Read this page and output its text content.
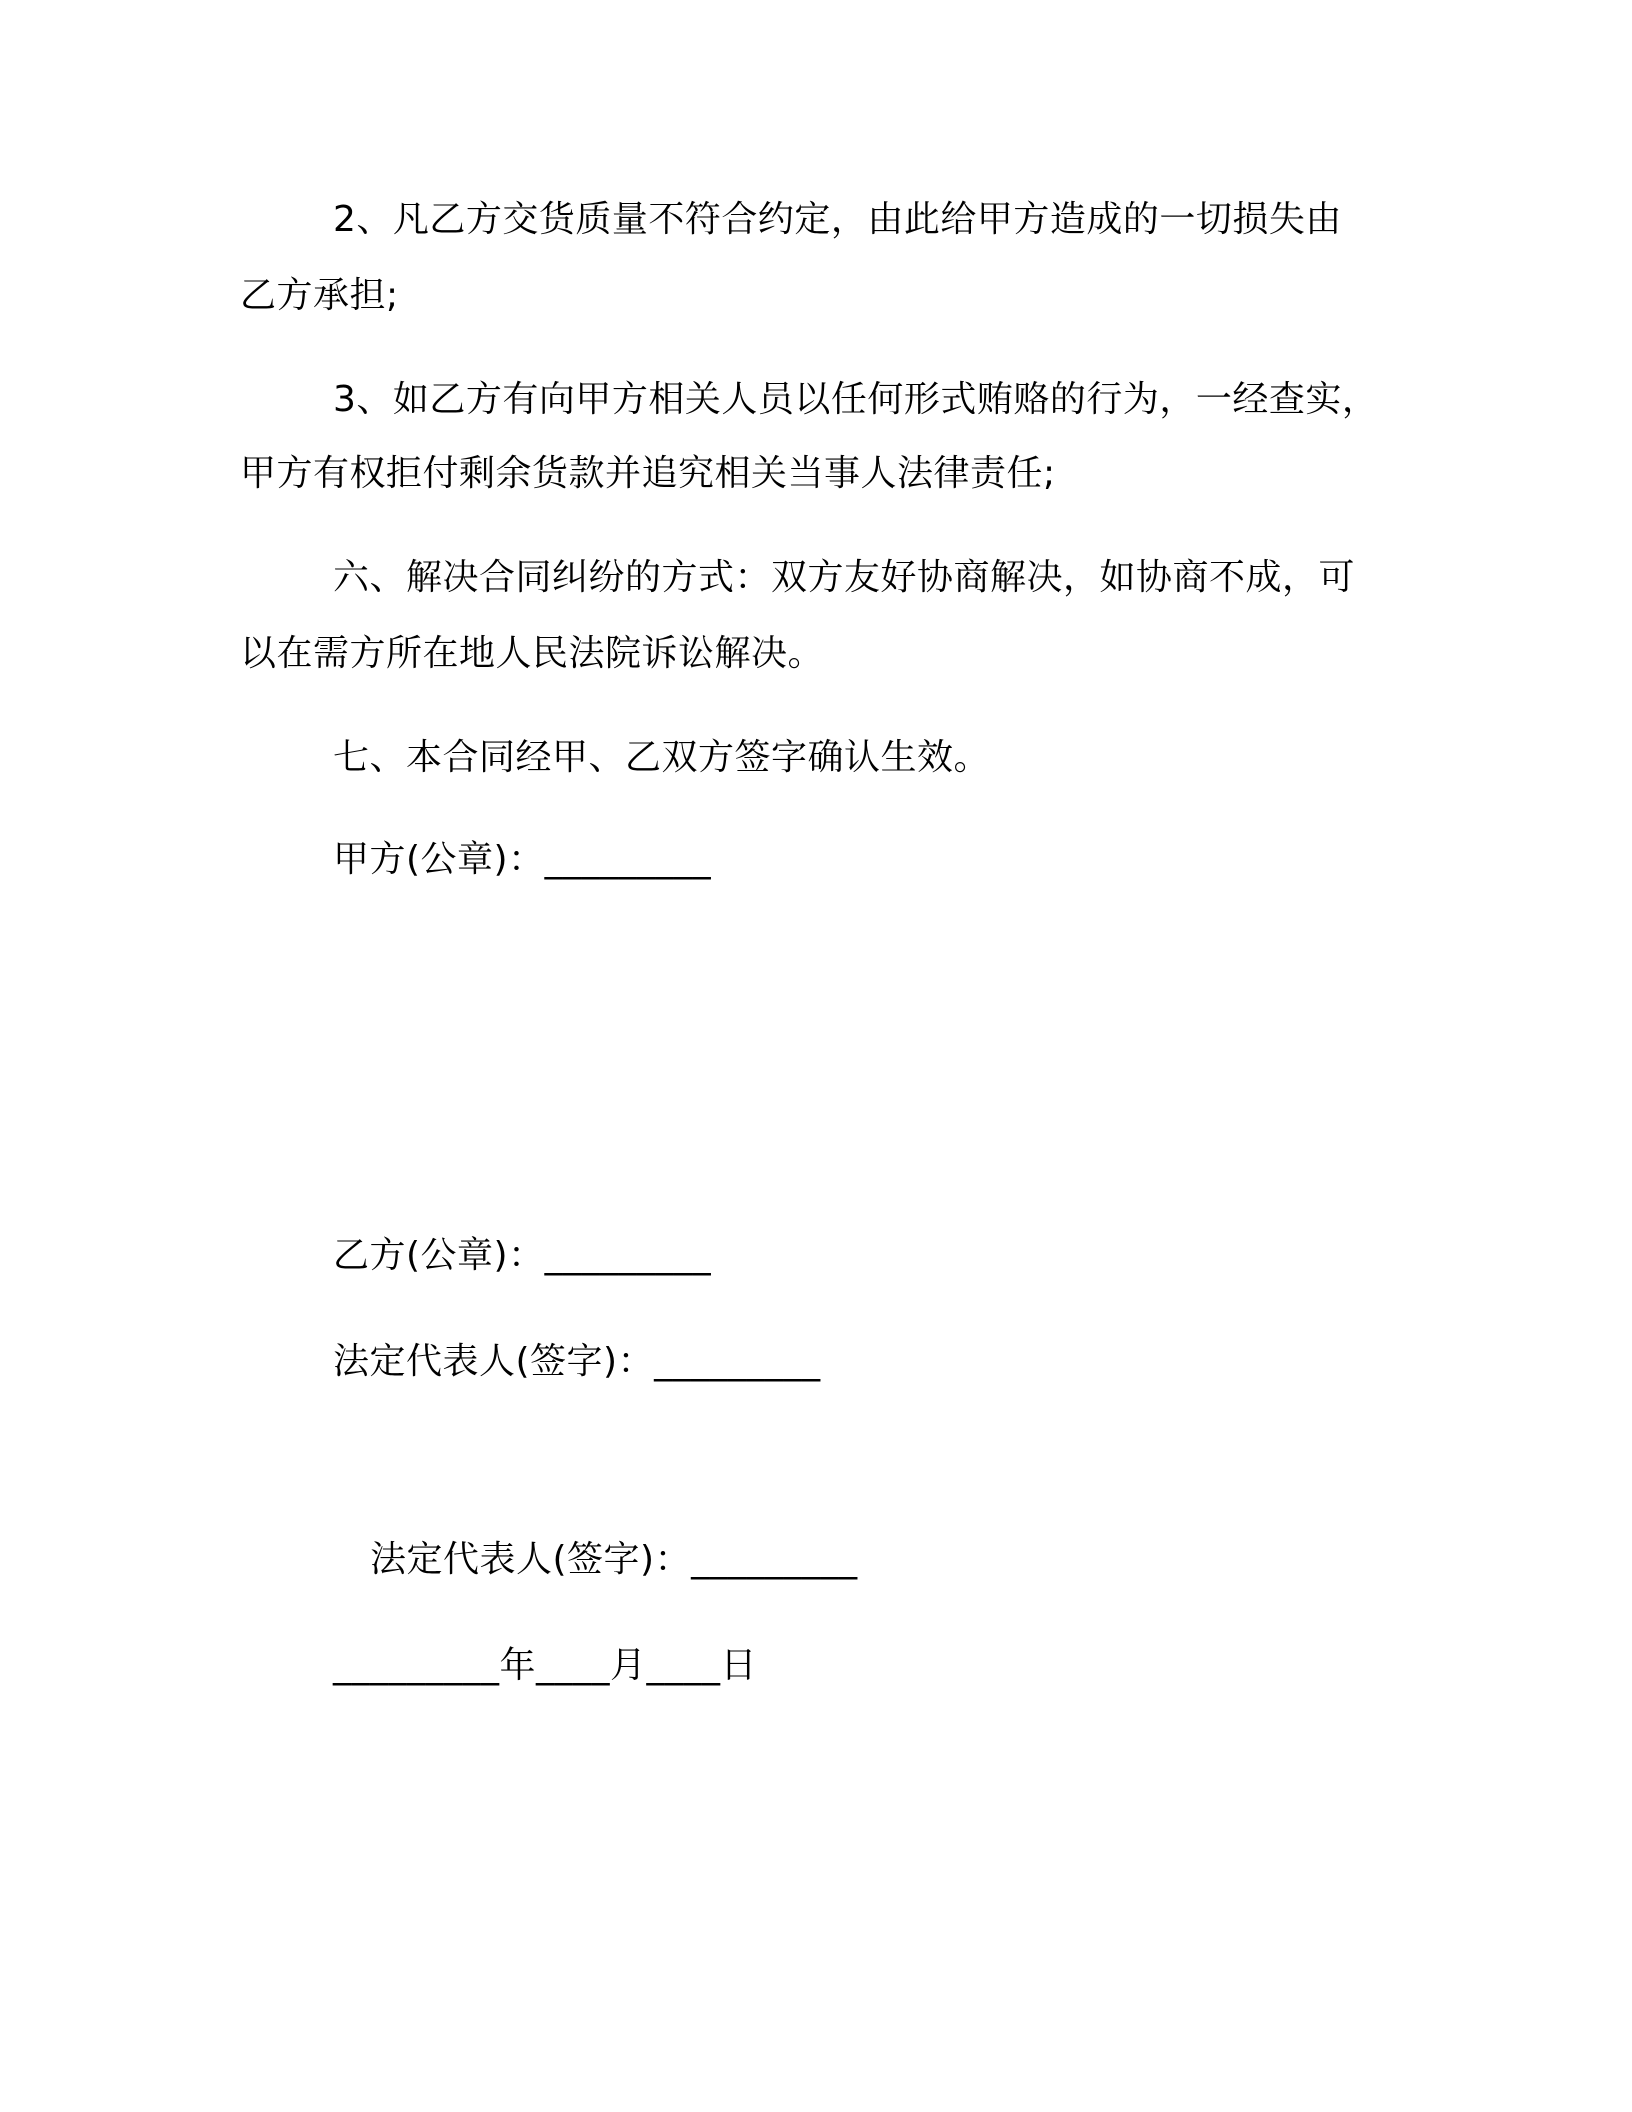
2、凡乙方交货质量不符合约定，由此给甲方造成的一切损失由
乙方承担;
3、如乙方有向甲方相关人员以任何形式贿赂的行为，一经查实，
甲方有权拒付剩余货款并追究相关当事人法律责任;
六、解决合同纠纷的方式：双方友好协商解决，如协商不成，可
以在需方所在地人民法院诉讼解决。
七、本合同经甲、乙双方签字确认生效。
甲方(公章)：_________
乙方(公章)：_________
法定代表人(签字)：_________
法定代表人(签字)：_________
_________年____月____日
